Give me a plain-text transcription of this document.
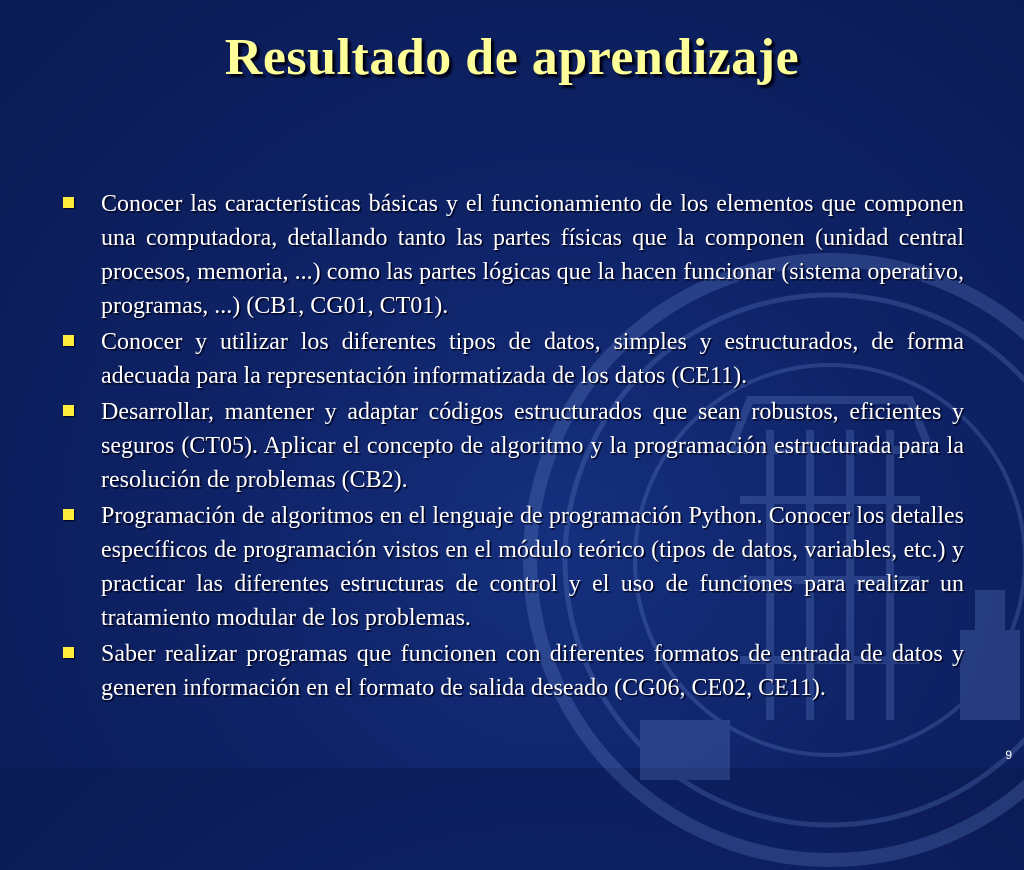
Resultado de aprendizaje
Conocer las características básicas y el funcionamiento de los elementos que componen una computadora, detallando tanto las partes físicas que la componen (unidad central procesos, memoria, ...) como las partes lógicas que la hacen funcionar (sistema operativo, programas, ...) (CB1, CG01, CT01).
Conocer y utilizar los diferentes tipos de datos, simples y estructurados, de forma adecuada para la representación informatizada de los datos (CE11).
Desarrollar, mantener y adaptar códigos estructurados que sean robustos, eficientes y seguros (CT05). Aplicar el concepto de algoritmo y la programación estructurada para la resolución de problemas (CB2).
Programación de algoritmos en el lenguaje de programación Python. Conocer los detalles específicos de programación vistos en el módulo teórico (tipos de datos, variables, etc.) y practicar las diferentes estructuras de control y el uso de funciones para realizar un tratamiento modular de los problemas.
Saber realizar programas que funcionen con diferentes formatos de entrada de datos y generen información en el formato de salida deseado (CG06, CE02, CE11).
9
